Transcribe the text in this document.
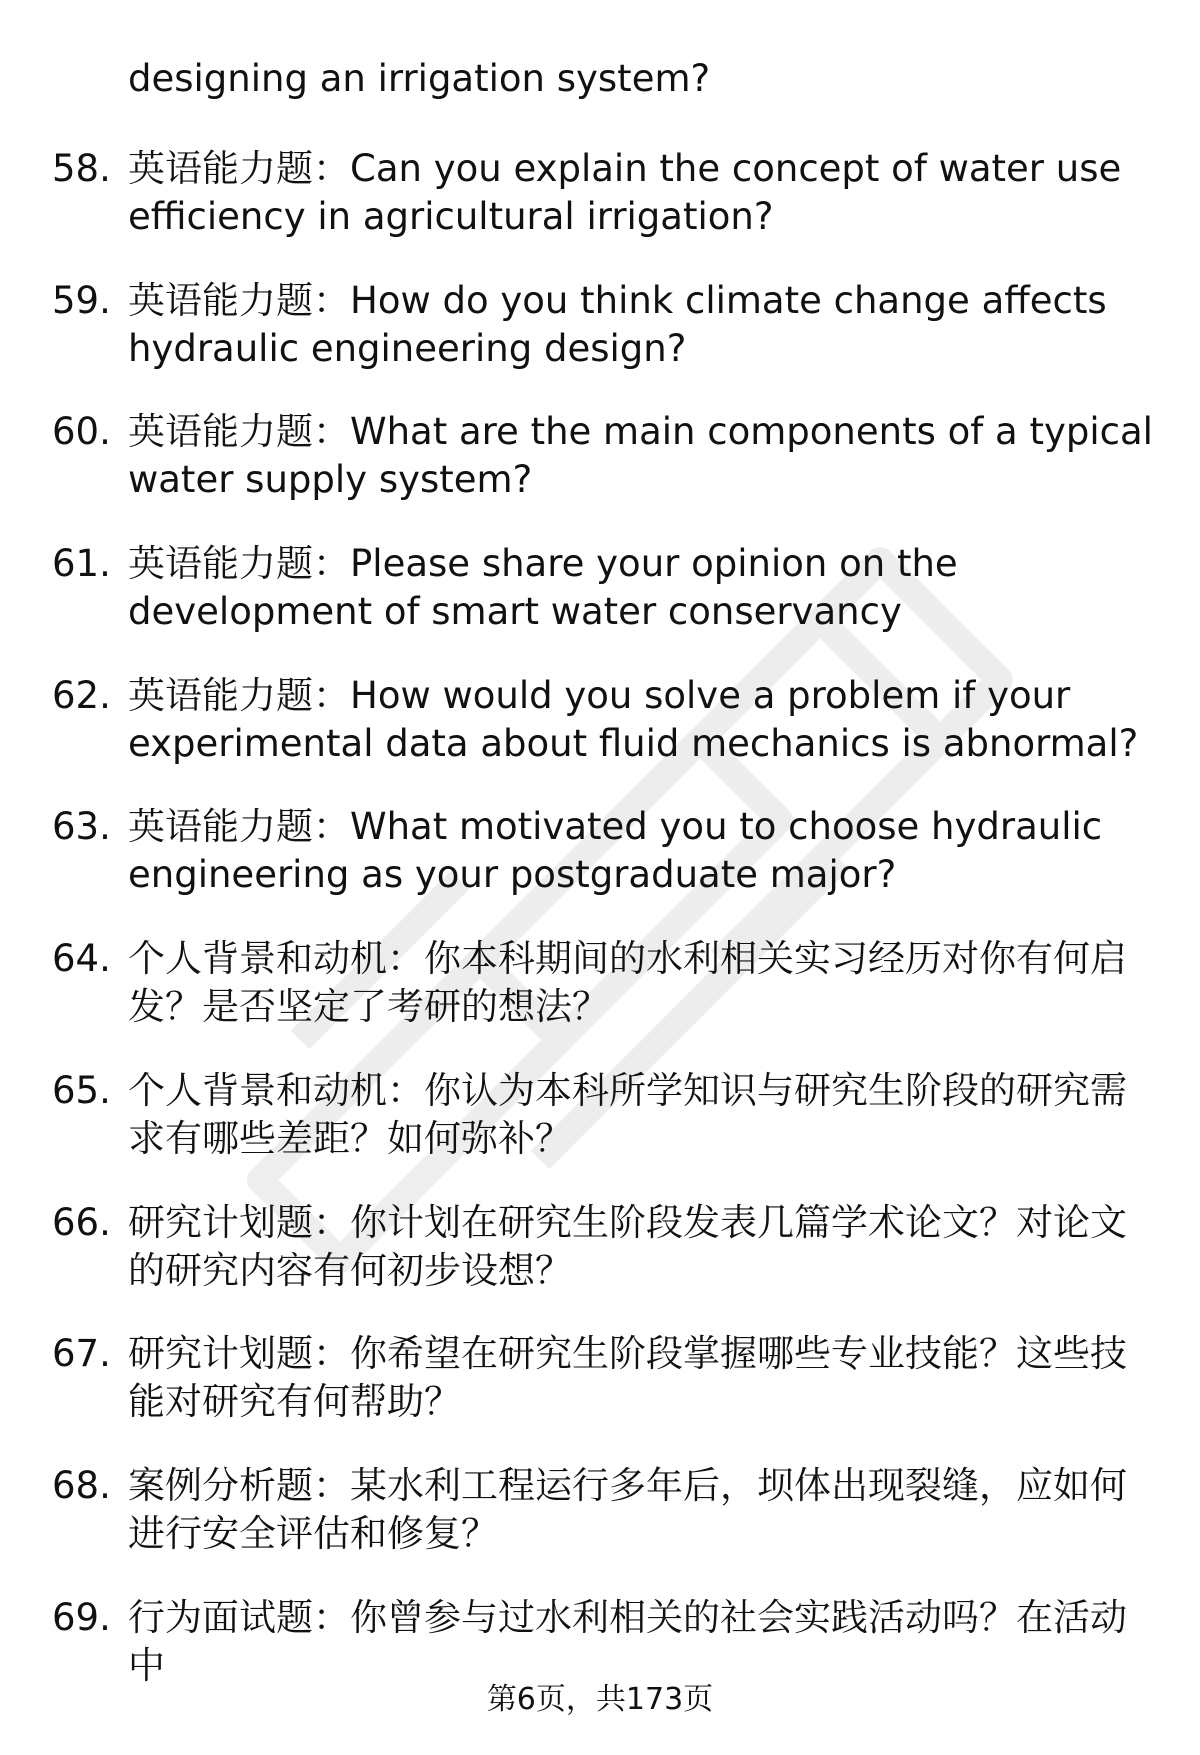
designing an irrigation system?
58. 英语能力题：Can you explain the concept of water use efficiency in agricultural irrigation?
59. 英语能力题：How do you think climate change affects hydraulic engineering design?
60. 英语能力题：What are the main components of a typical water supply system?
61. 英语能力题：Please share your opinion on the development of smart water conservancy
62. 英语能力题：How would you solve a problem if your experimental data about fluid mechanics is abnormal?
63. 英语能力题：What motivated you to choose hydraulic engineering as your postgraduate major?
64. 个人背景和动机：你本科期间的水利相关实习经历对你有何启发？是否坚定了考研的想法？
65. 个人背景和动机：你认为本科所学知识与研究生阶段的研究需求有哪些差距？如何弥补？
66. 研究计划题：你计划在研究生阶段发表几篇学术论文？对论文的研究内容有何初步设想？
67. 研究计划题：你希望在研究生阶段掌握哪些专业技能？这些技能对研究有何帮助？
68. 案例分析题：某水利工程运行多年后，坝体出现裂缝，应如何进行安全评估和修复？
69. 行为面试题：你曾参与过水利相关的社会实践活动吗？在活动中
第6页，共173页
